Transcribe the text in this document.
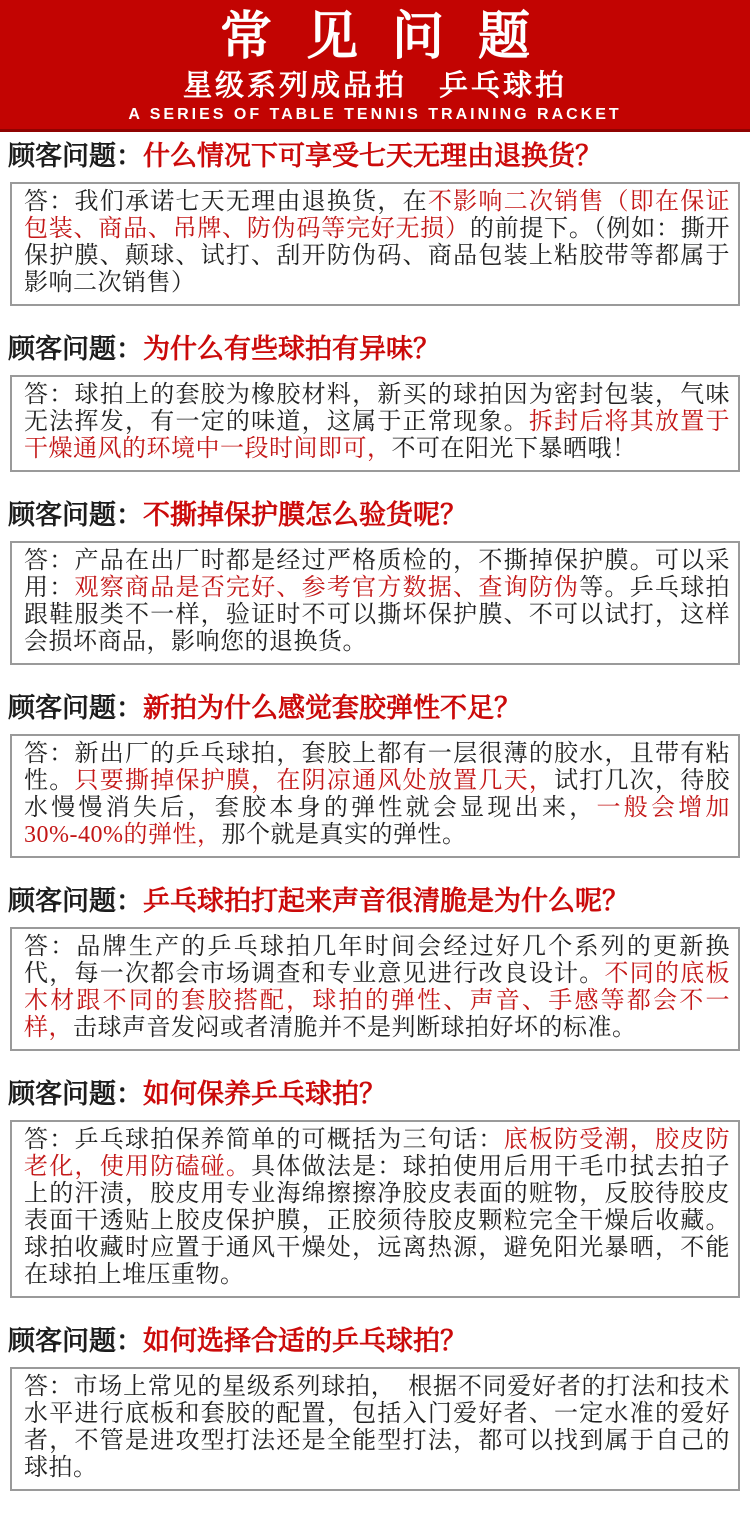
常见问题
星级系列成品拍　乒乓球拍
A SERIES OF TABLE TENNIS TRAINING RACKET
顾客问题：什么情况下可享受七天无理由退换货？
答：我们承诺七天无理由退换货，在不影响二次销售（即在保证包装、商品、吊牌、防伪码等完好无损）的前提下。（例如：撕开保护膜、颠球、试打、刮开防伪码、商品包装上粘胶带等都属于影响二次销售）
顾客问题：为什么有些球拍有异味？
答：球拍上的套胶为橡胶材料，新买的球拍因为密封包装，气味无法挥发，有一定的味道，这属于正常现象。拆封后将其放置于干燥通风的环境中一段时间即可，不可在阳光下暴晒哦！
顾客问题：不撕掉保护膜怎么验货呢？
答：产品在出厂时都是经过严格质检的，不撕掉保护膜。可以采用：观察商品是否完好、参考官方数据、查询防伪等。乒乓球拍跟鞋服类不一样，验证时不可以撕坏保护膜、不可以试打，这样会损坏商品，影响您的退换货。
顾客问题：新拍为什么感觉套胶弹性不足？
答：新出厂的乒乓球拍，套胶上都有一层很薄的胶水，且带有粘性。只要撕掉保护膜，在阴凉通风处放置几天，试打几次，待胶水慢慢消失后，套胶本身的弹性就会显现出来，一般会增加30%-40%的弹性，那个就是真实的弹性。
顾客问题：乒乓球拍打起来声音很清脆是为什么呢？
答：品牌生产的乒乓球拍几年时间会经过好几个系列的更新换代，每一次都会市场调查和专业意见进行改良设计。不同的底板木材跟不同的套胶搭配，球拍的弹性、声音、手感等都会不一样，击球声音发闷或者清脆并不是判断球拍好坏的标准。
顾客问题：如何保养乒乓球拍？
答：乒乓球拍保养简单的可概括为三句话：底板防受潮，胶皮防老化，使用防磕碰。具体做法是：球拍使用后用干毛巾拭去拍子上的汗渍，胶皮用专业海绵擦擦净胶皮表面的赃物，反胶待胶皮表面干透贴上胶皮保护膜，正胶须待胶皮颗粒完全干燥后收藏。球拍收藏时应置于通风干燥处，远离热源，避免阳光暴晒，不能在球拍上堆压重物。
顾客问题：如何选择合适的乒乓球拍？
答：市场上常见的星级系列球拍，　根据不同爱好者的打法和技术水平进行底板和套胶的配置，包括入门爱好者、一定水准的爱好者，不管是进攻型打法还是全能型打法，都可以找到属于自己的球拍。
